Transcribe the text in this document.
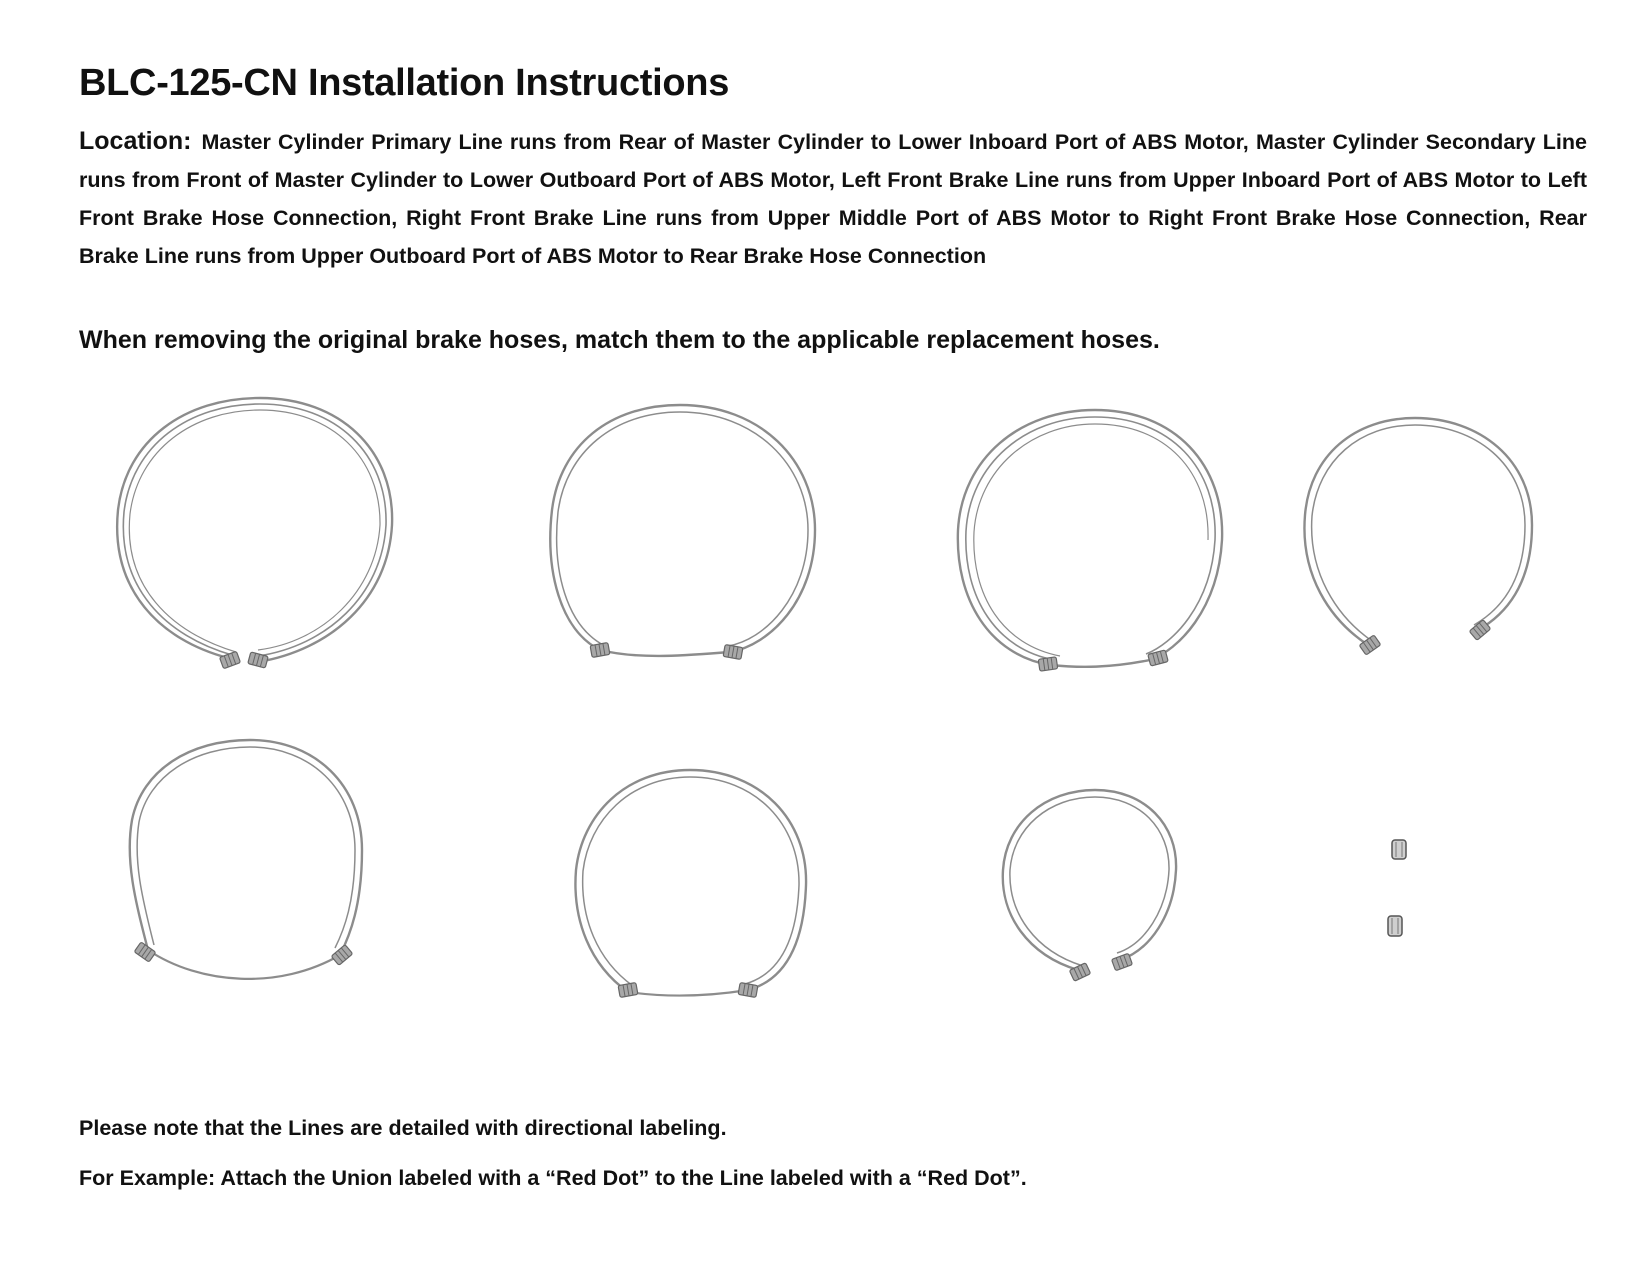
BLC-125-CN Installation Instructions

Location: Master Cylinder Primary Line runs from Rear of Master Cylinder to Lower Inboard Port of ABS Motor, Master Cylinder Secondary Line runs from Front of Master Cylinder to Lower Outboard Port of ABS Motor, Left Front Brake Line runs from Upper Inboard Port of ABS Motor to Left Front Brake Hose Connection, Right Front Brake Line runs from Upper Middle Port of ABS Motor to Right Front Brake Hose Connection, Rear Brake Line runs from Upper Outboard Port of ABS Motor to Rear Brake Hose Connection

When removing the original brake hoses, match them to the applicable replacement hoses.

Please note that the Lines are detailed with directional labeling.

For Example: Attach the Union labeled with a “Red Dot” to the Line labeled with a “Red Dot”.
